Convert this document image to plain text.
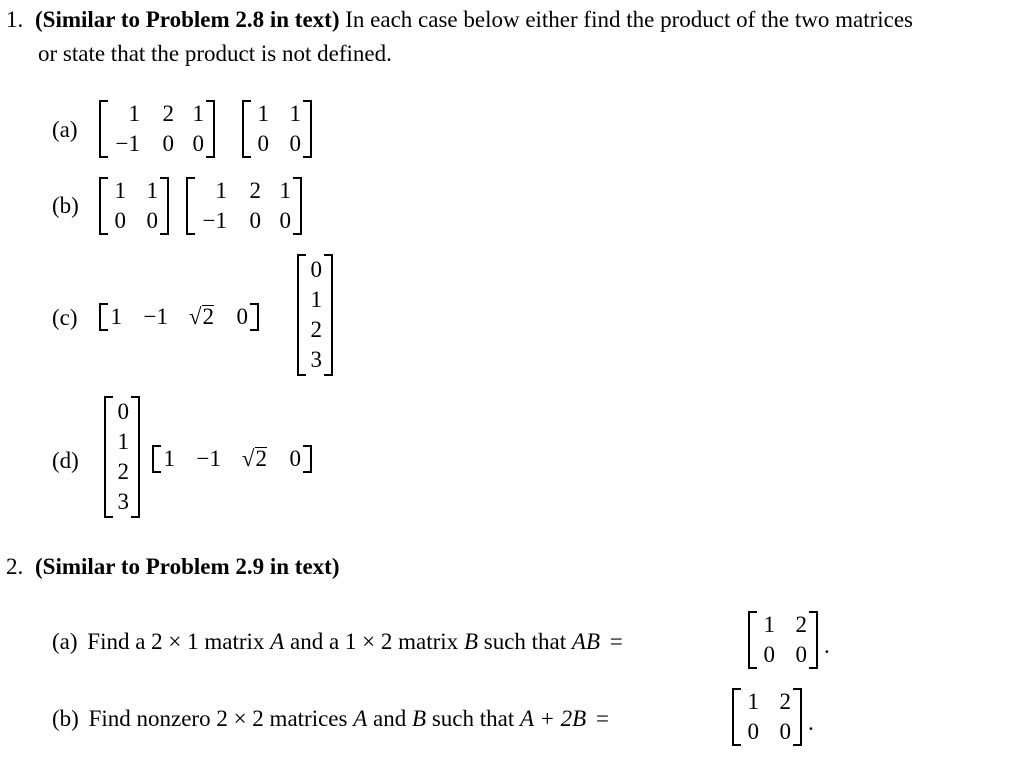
1. (Similar to Problem 2.8 in text) In each case below either find the product of the two matrices
or state that the product is not defined.
(a)
1 2 1
−1 0 0
1 1
0 0
(b)
1 1
0 0
1 2 1
−1 0 0
(c) 1 −1 √ 2 0
0
1
2
3
(d)
0
1
2
3
1 −1 √ 2 0
2. (Similar to Problem 2.9 in text)
(a) Find a 2 × 1 matrix A and a 1 × 2 matrix B such that AB =
1 2
0 0 .
(b) Find nonzero 2 × 2 matrices A and B such that A + 2B =
1 2
0 0 .
